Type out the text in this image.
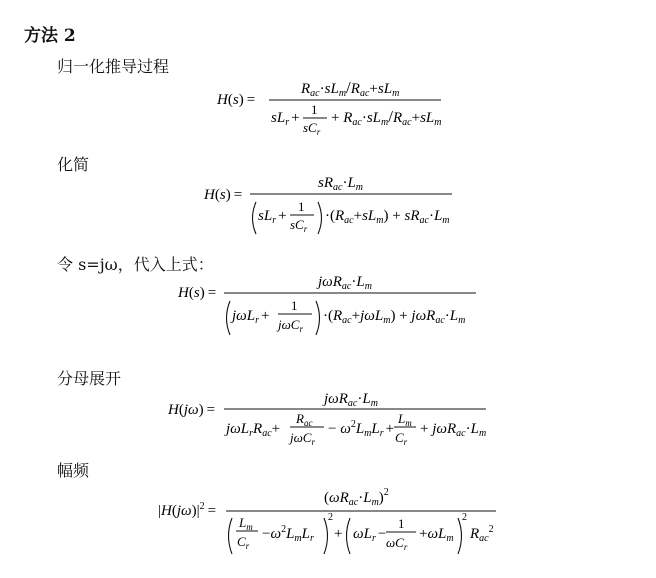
方法 2
归一化推导过程
H(s) =
$R_{ac}\cdot sL_m/R_{ac}+sL_m$
$sL_r$ +
1
$sC_r$
+ $R_{ac}\cdot sL_m/R_{ac}+sL_m$
化简
H(s) =
$sR_{ac}\cdot L_m$
$sL_r$ +
1
$sC_r$
$\cdot(R_{ac}+sL_m) + sR_{ac}\cdot L_m$
令 s=jω，代入上式：
H(s) =
$j\omega R_{ac}\cdot L_m$
jωL$_r$ +
1
jωC$_r$
$\cdot(R_{ac}+j\omega L_m) + j\omega R_{ac}\cdot L_m$
分母展开
H(jω) =
$j\omega R_{ac}\cdot L_m$
$j\omega L_rR_{ac}+$
$R_{ac}$
jωC$_r$
− $\omega^2L_mL_r$ +
$L_m$
$C_r$
+ $j\omega R_{ac}\cdot L_m$
幅频
$|H(j\omega)|^2$ =
$(\omega R_{ac}\cdot L_m)^2$
$L_m$
$C_r$
$-\omega^2L_mL_r$
2
+ $\omega L_r$ −
1
$\omega C_r$
$+\omega L_m$
2
$R_{ac}^2$
